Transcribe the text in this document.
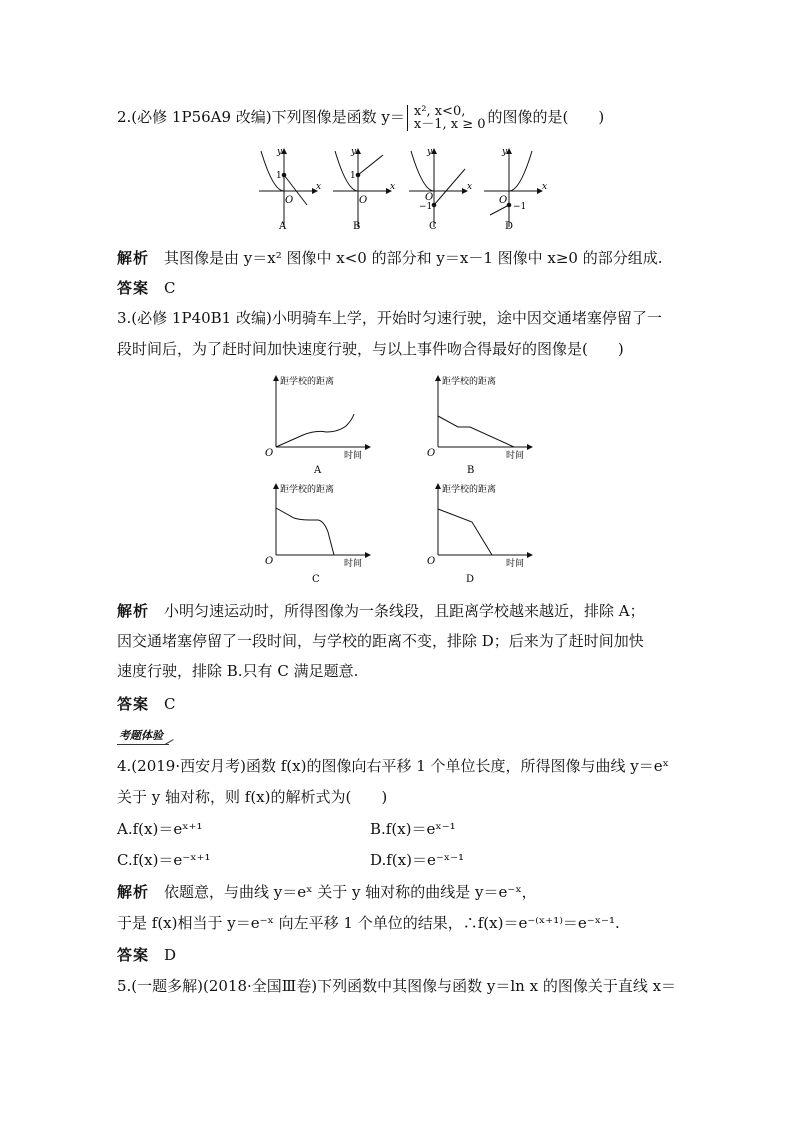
2.(必修 1P56A9 改编)下列图像是函数 y＝ x², x<0,
x－1, x ≥ 0 的图像的是(　　)
y
x
O
1
A
y
x
O
1
B
y
x
O
−1
C
y
x
O
−1
D
解析　 其图像是由 y＝x² 图像中 x<0 的部分和 y＝x－1 图像中 x≥0 的部分组成.
答案　 C
3.(必修 1P40B1 改编)小明骑车上学，开始时匀速行驶，途中因交通堵塞停留了一
段时间后，为了赶时间加快速度行驶，与以上事件吻合得最好的图像是(　　)
距学校的距离
时间
O
A
距学校的距离
时间
O
B
距学校的距离
时间
O
C
距学校的距离
时间
O
D
解析　 小明匀速运动时，所得图像为一条线段，且距离学校越来越近，排除 A；
因交通堵塞停留了一段时间，与学校的距离不变，排除 D；后来为了赶时间加快
速度行驶，排除 B.只有 C 满足题意.
答案　 C
考题体验
4.(2019·西安月考)函数 f(x)的图像向右平移 1 个单位长度，所得图像与曲线 y＝eˣ
关于 y 轴对称，则 f(x)的解析式为(　　)
A.f(x)＝eˣ⁺¹	B.f(x)＝eˣ⁻¹
C.f(x)＝e⁻ˣ⁺¹	D.f(x)＝e⁻ˣ⁻¹
解析　 依题意，与曲线 y＝eˣ 关于 y 轴对称的曲线是 y＝e⁻ˣ，
于是 f(x)相当于 y＝e⁻ˣ 向左平移 1 个单位的结果，∴f(x)＝e⁻⁽ˣ⁺¹⁾＝e⁻ˣ⁻¹.
答案　 D
5.(一题多解)(2018·全国Ⅲ卷)下列函数中其图像与函数 y＝ln x 的图像关于直线 x＝
